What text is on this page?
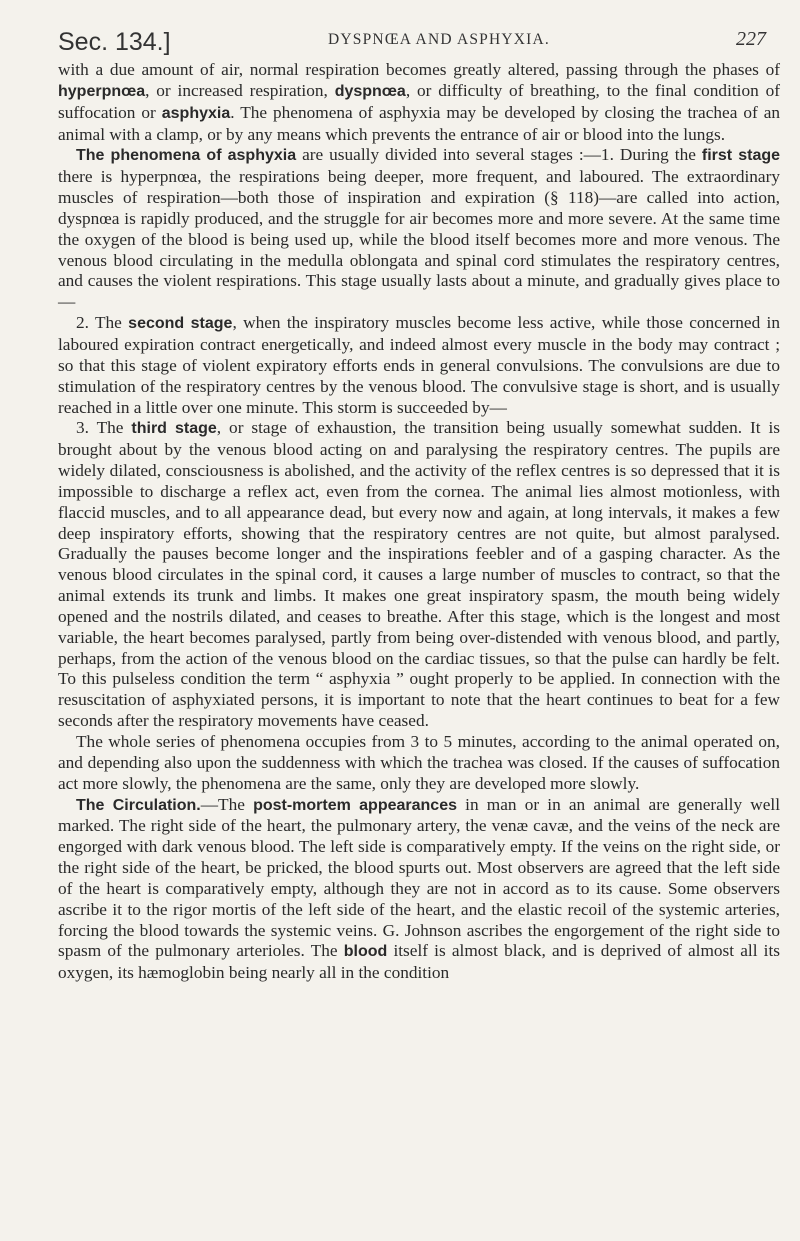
Sec. 134.]	DYSPNŒA AND ASPHYXIA.	227

with a due amount of air, normal respiration becomes greatly altered, passing through the phases of hyperpnœa, or increased respiration, dyspnœa, or difficulty of breathing, to the final condition of suffocation or asphyxia. The phenomena of asphyxia may be developed by closing the trachea of an animal with a clamp, or by any means which prevents the entrance of air or blood into the lungs.

The phenomena of asphyxia are usually divided into several stages :—1. During the first stage there is hyperpnœa, the respirations being deeper, more frequent, and laboured. The extraordinary muscles of respiration—both those of inspiration and expiration (§ 118)—are called into action, dyspnœa is rapidly produced, and the struggle for air becomes more and more severe. At the same time the oxygen of the blood is being used up, while the blood itself becomes more and more venous. The venous blood circulating in the medulla oblongata and spinal cord stimulates the respiratory centres, and causes the violent respirations. This stage usually lasts about a minute, and gradually gives place to—

2. The second stage, when the inspiratory muscles become less active, while those concerned in laboured expiration contract energetically, and indeed almost every muscle in the body may contract ; so that this stage of violent expiratory efforts ends in general convulsions. The convulsions are due to stimulation of the respiratory centres by the venous blood. The convulsive stage is short, and is usually reached in a little over one minute. This storm is succeeded by—

3. The third stage, or stage of exhaustion, the transition being usually somewhat sudden. It is brought about by the venous blood acting on and paralysing the respiratory centres. The pupils are widely dilated, consciousness is abolished, and the activity of the reflex centres is so depressed that it is impossible to discharge a reflex act, even from the cornea. The animal lies almost motionless, with flaccid muscles, and to all appearance dead, but every now and again, at long intervals, it makes a few deep inspiratory efforts, showing that the respiratory centres are not quite, but almost paralysed. Gradually the pauses become longer and the inspirations feebler and of a gasping character. As the venous blood circulates in the spinal cord, it causes a large number of muscles to contract, so that the animal extends its trunk and limbs. It makes one great inspiratory spasm, the mouth being widely opened and the nostrils dilated, and ceases to breathe. After this stage, which is the longest and most variable, the heart becomes paralysed, partly from being over-distended with venous blood, and partly, perhaps, from the action of the venous blood on the cardiac tissues, so that the pulse can hardly be felt. To this pulseless condition the term “ asphyxia ” ought properly to be applied. In connection with the resuscitation of asphyxiated persons, it is important to note that the heart continues to beat for a few seconds after the respiratory movements have ceased.

The whole series of phenomena occupies from 3 to 5 minutes, according to the animal operated on, and depending also upon the suddenness with which the trachea was closed. If the causes of suffocation act more slowly, the phenomena are the same, only they are developed more slowly.

The Circulation.—The post-mortem appearances in man or in an animal are generally well marked. The right side of the heart, the pulmonary artery, the venæ cavæ, and the veins of the neck are engorged with dark venous blood. The left side is comparatively empty. If the veins on the right side, or the right side of the heart, be pricked, the blood spurts out. Most observers are agreed that the left side of the heart is comparatively empty, although they are not in accord as to its cause. Some observers ascribe it to the rigor mortis of the left side of the heart, and the elastic recoil of the systemic arteries, forcing the blood towards the systemic veins. G. Johnson ascribes the engorgement of the right side to spasm of the pulmonary arterioles. The blood itself is almost black, and is deprived of almost all its oxygen, its hæmoglobin being nearly all in the condition
